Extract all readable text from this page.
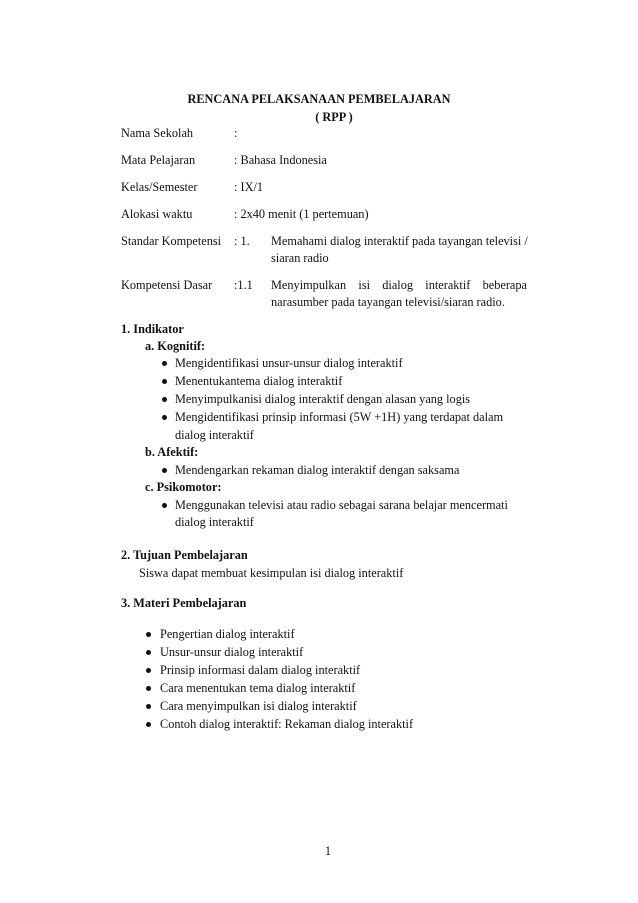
RENCANA PELAKSANAAN PEMBELAJARAN
( RPP )
Nama Sekolah	:
Mata Pelajaran	: Bahasa Indonesia
Kelas/Semester	: IX/1
Alokasi waktu	: 2x40 menit (1 pertemuan)
Standar Kompetensi : 1. Memahami dialog interaktif pada tayangan televisi /
siaran radio
Kompetensi Dasar :1.1 Menyimpulkan isi dialog interaktif beberapa
narasumber pada tayangan televisi/siaran radio.
1. Indikator
a. Kognitif:
Mengidentifikasi unsur-unsur dialog interaktif
Menentukantema dialog interaktif
Menyimpulkanisi dialog interaktif dengan alasan yang logis
Mengidentifikasi prinsip informasi (5W +1H) yang terdapat dalam
dialog interaktif
b. Afektif:
Mendengarkan rekaman dialog interaktif dengan saksama
c. Psikomotor:
Menggunakan televisi atau radio sebagai sarana belajar mencermati
dialog interaktif
2. Tujuan Pembelajaran
Siswa dapat membuat kesimpulan isi dialog interaktif
3. Materi Pembelajaran
Pengertian dialog interaktif
Unsur-unsur dialog interaktif
Prinsip informasi dalam dialog interaktif
Cara menentukan tema dialog interaktif
Cara menyimpulkan isi dialog interaktif
Contoh dialog interaktif: Rekaman dialog interaktif
1
